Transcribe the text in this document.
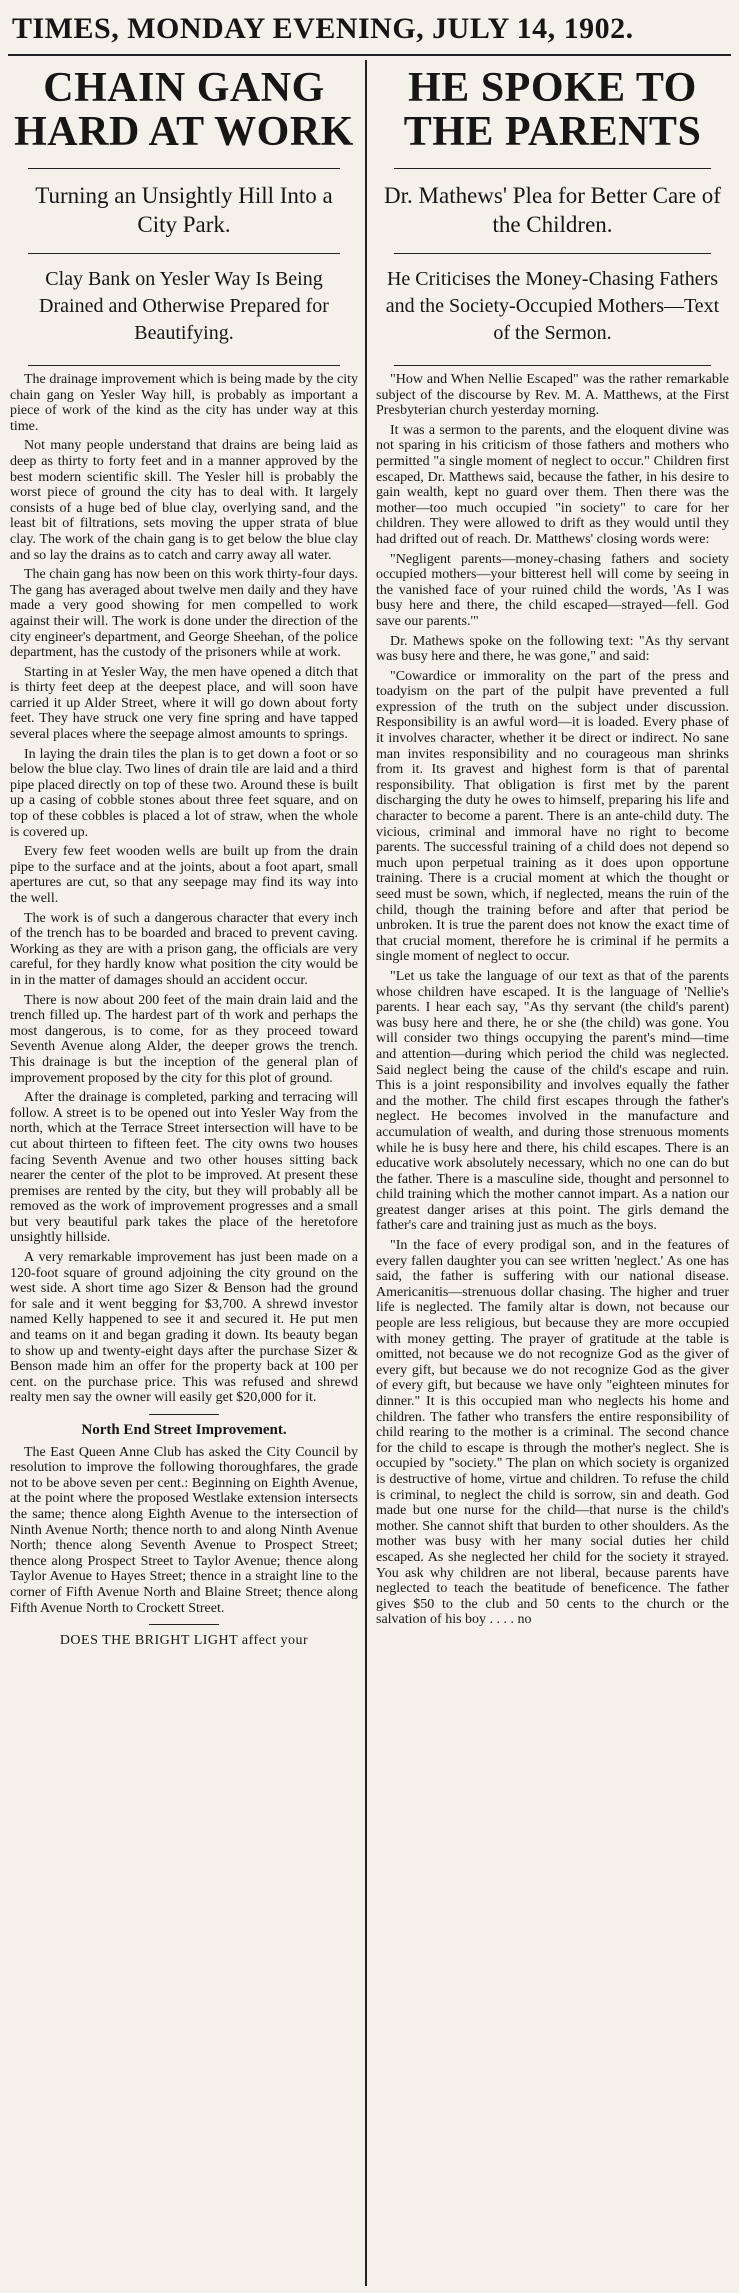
TIMES, MONDAY EVENING, JULY 14, 1902.
CHAIN GANG HARD AT WORK
Turning an Unsightly Hill Into a City Park.
Clay Bank on Yesler Way Is Being Drained and Otherwise Prepared for Beautifying.

The drainage improvement which is being made by the city chain gang on Yesler Way hill, is probably as important a piece of work of the kind as the city has under way at this time.

Not many people understand that drains are being laid as deep as thirty to forty feet and in a manner approved by the best modern scientific skill. The Yesler hill is probably the worst piece of ground the city has to deal with. It largely consists of a huge bed of blue clay, overlying sand, and the least bit of filtrations, sets moving the upper strata of blue clay. The work of the chain gang is to get below the blue clay and so lay the drains as to catch and carry away all water.

The chain gang has now been on this work thirty-four days. The gang has averaged about twelve men daily and they have made a very good showing for men compelled to work against their will. The work is done under the direction of the city engineer's department, and George Sheehan, of the police department, has the custody of the prisoners while at work.

Starting in at Yesler Way, the men have opened a ditch that is thirty feet deep at the deepest place, and will soon have carried it up Alder Street, where it will go down about forty feet. They have struck one very fine spring and have tapped several places where the seepage almost amounts to springs.

In laying the drain tiles the plan is to get down a foot or so below the blue clay. Two lines of drain tile are laid and a third pipe placed directly on top of these two. Around these is built up a casing of cobble stones about three feet square, and on top of these cobbles is placed a lot of straw, when the whole is covered up.

Every few feet wooden wells are built up from the drain pipe to the surface and at the joints, about a foot apart, small apertures are cut, so that any seepage may find its way into the well.

The work is of such a dangerous character that every inch of the trench has to be boarded and braced to prevent caving. Working as they are with a prison gang, the officials are very careful, for they hardly know what position the city would be in in the matter of damages should an accident occur.

There is now about 200 feet of the main drain laid and the trench filled up. The hardest part of th work and perhaps the most dangerous, is to come, for as they proceed toward Seventh Avenue along Alder, the deeper grows the trench. This drainage is but the inception of the general plan of improvement proposed by the city for this plot of ground.

After the drainage is completed, parking and terracing will follow. A street is to be opened out into Yesler Way from the north, which at the Terrace Street intersection will have to be cut about thirteen to fifteen feet. The city owns two houses facing Seventh Avenue and two other houses sitting back nearer the center of the plot to be improved. At present these premises are rented by the city, but they will probably all be removed as the work of improvement progresses and a small but very beautiful park takes the place of the heretofore unsightly hillside.

A very remarkable improvement has just been made on a 120-foot square of ground adjoining the city ground on the west side. A short time ago Sizer & Benson had the ground for sale and it went begging for $3,700. A shrewd investor named Kelly happened to see it and secured it. He put men and teams on it and began grading it down. Its beauty began to show up and twenty-eight days after the purchase Sizer & Benson made him an offer for the property back at 100 per cent. on the purchase price. This was refused and shrewd realty men say the owner will easily get $20,000 for it.

North End Street Improvement.

The East Queen Anne Club has asked the City Council by resolution to improve the following thoroughfares, the grade not to be above seven per cent.: Beginning on Eighth Avenue, at the point where the proposed Westlake extension intersects the same; thence along Eighth Avenue to the intersection of Ninth Avenue North; thence north to and along Ninth Avenue North; thence along Seventh Avenue to Prospect Street; thence along Prospect Street to Taylor Avenue; thence along Taylor Avenue to Hayes Street; thence in a straight line to the corner of Fifth Avenue North and Blaine Street; thence along Fifth Avenue North to Crockett Street.

DOES THE BRIGHT LIGHT affect your
HE SPOKE TO THE PARENTS
Dr. Mathews' Plea for Better Care of the Children.
He Criticises the Money-Chasing Fathers and the Society-Occupied Mothers—Text of the Sermon.

"How and When Nellie Escaped" was the rather remarkable subject of the discourse by Rev. M. A. Matthews, at the First Presbyterian church yesterday morning.

It was a sermon to the parents, and the eloquent divine was not sparing in his criticism of those fathers and mothers who permitted "a single moment of neglect to occur." Children first escaped, Dr. Matthews said, because the father, in his desire to gain wealth, kept no guard over them. Then there was the mother—too much occupied "in society" to care for her children. They were allowed to drift as they would until they had drifted out of reach. Dr. Matthews' closing words were:

"Negligent parents—money-chasing fathers and society occupied mothers—your bitterest hell will come by seeing in the vanished face of your ruined child the words, 'As I was busy here and there, the child escaped—strayed—fell. God save our parents.'"

Dr. Mathews spoke on the following text: "As thy servant was busy here and there, he was gone," and said:

"Cowardice or immorality on the part of the press and toadyism on the part of the pulpit have prevented a full expression of the truth on the subject under discussion. Responsibility is an awful word—it is loaded. Every phase of it involves character, whether it be direct or indirect. No sane man invites responsibility and no courageous man shrinks from it. Its gravest and highest form is that of parental responsibility. That obligation is first met by the parent discharging the duty he owes to himself, preparing his life and character to become a parent. There is an ante-child duty. The vicious, criminal and immoral have no right to become parents. The successful training of a child does not depend so much upon perpetual training as it does upon opportune training. There is a crucial moment at which the thought or seed must be sown, which, if neglected, means the ruin of the child, though the training before and after that period be unbroken. It is true the parent does not know the exact time of that crucial moment, therefore he is criminal if he permits a single moment of neglect to occur.

"Let us take the language of our text as that of the parents whose children have escaped. It is the language of 'Nellie's parents. I hear each say, "As thy servant (the child's parent) was busy here and there, he or she (the child) was gone. You will consider two things occupying the parent's mind—time and attention—during which period the child was neglected. Said neglect being the cause of the child's escape and ruin. This is a joint responsibility and involves equally the father and the mother. The child first escapes through the father's neglect. He becomes involved in the manufacture and accumulation of wealth, and during those strenuous moments while he is busy here and there, his child escapes. There is an educative work absolutely necessary, which no one can do but the father. There is a masculine side, thought and personnel to child training which the mother cannot impart. As a nation our greatest danger arises at this point. The girls demand the father's care and training just as much as the boys.

"In the face of every prodigal son, and in the features of every fallen daughter you can see written 'neglect.' As one has said, the father is suffering with our national disease. Americanitis—strenuous dollar chasing. The higher and truer life is neglected. The family altar is down, not because our people are less religious, but because they are more occupied with money getting. The prayer of gratitude at the table is omitted, not because we do not recognize God as the giver of every gift, but because we do not recognize God as the giver of every gift, but because we have only "eighteen minutes for dinner." It is this occupied man who neglects his home and children. The father who transfers the entire responsibility of child rearing to the mother is a criminal. The second chance for the child to escape is through the mother's neglect. She is occupied by "society." The plan on which society is organized is destructive of home, virtue and children. To refuse the child is criminal, to neglect the child is sorrow, sin and death. God made but one nurse for the child—that nurse is the child's mother. She cannot shift that burden to other shoulders. As the mother was busy with her many social duties her child escaped. As she neglected her child for the society it strayed. You ask why children are not liberal, because parents have neglected to teach the beatitude of beneficence. The father gives $50 to the club and 50 cents to the church or the salvation of his boy . . . . no
